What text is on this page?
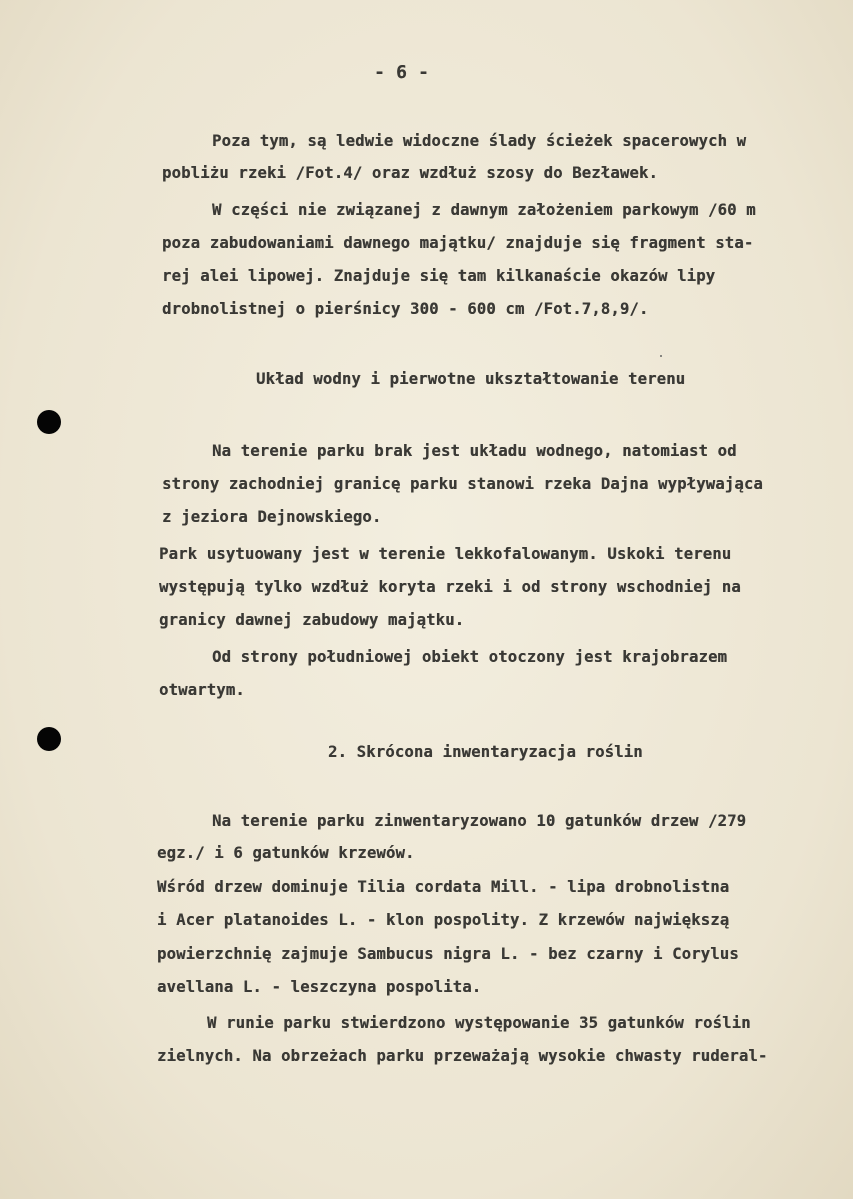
- 6 -
Poza tym, są ledwie widoczne ślady ścieżek spacerowych w
pobliżu rzeki /Fot.4/ oraz wzdłuż szosy do Bezławek.
W części nie związanej z dawnym założeniem parkowym /60 m
poza zabudowaniami dawnego majątku/ znajduje się fragment sta-
rej alei lipowej. Znajduje się tam kilkanaście okazów lipy
drobnolistnej o pierśnicy 300 - 600 cm /Fot.7,8,9/.
Układ wodny i pierwotne ukształtowanie terenu
Na terenie parku brak jest układu wodnego, natomiast od
strony zachodniej granicę parku stanowi rzeka Dajna wypływająca
z jeziora Dejnowskiego.
Park usytuowany jest w terenie lekkofalowanym. Uskoki terenu
występują tylko wzdłuż koryta rzeki i od strony wschodniej na
granicy dawnej zabudowy majątku.
Od strony południowej obiekt otoczony jest krajobrazem
otwartym.
2. Skrócona inwentaryzacja roślin
Na terenie parku zinwentaryzowano 10 gatunków drzew /279
egz./ i 6 gatunków krzewów.
Wśród drzew dominuje Tilia cordata Mill. - lipa drobnolistna
i Acer platanoides L. - klon pospolity. Z krzewów największą
powierzchnię zajmuje Sambucus nigra L. - bez czarny i Corylus
avellana L. - leszczyna pospolita.
W runie parku stwierdzono występowanie 35 gatunków roślin
zielnych. Na obrzeżach parku przeważają wysokie chwasty ruderal-
